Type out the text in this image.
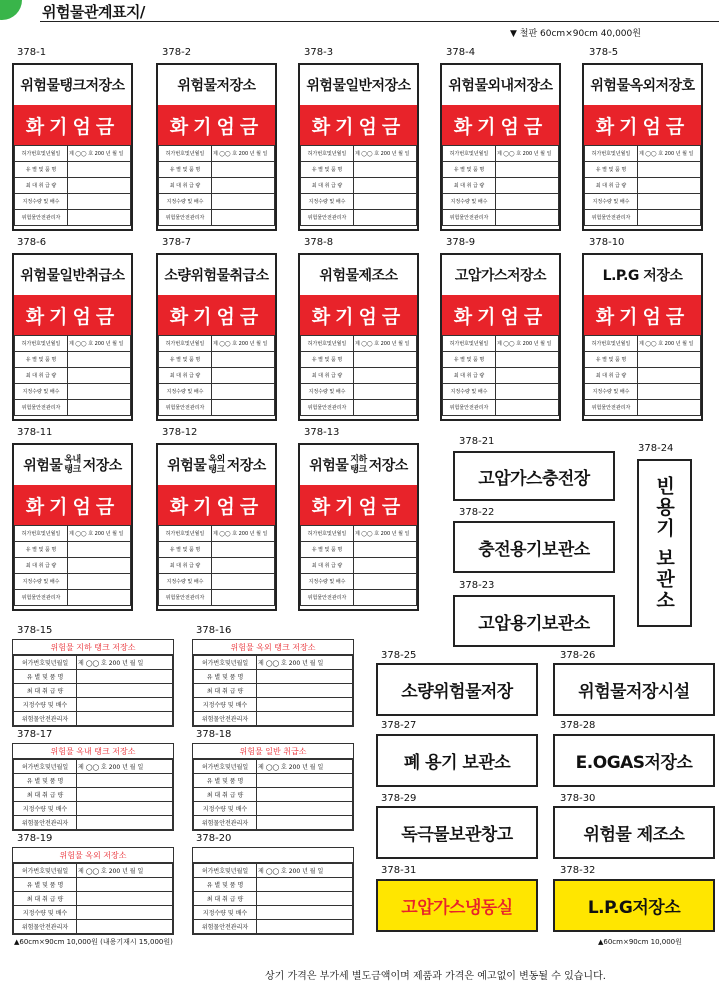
위험물관계표지/
▼ 철판 60cm×90cm 40,000원
378-1	378-2	378-3	378-4	378-5
위험물탱크저장소
화기엄금
허가번호및년월일	제 ◯◯ 호 200 년 월 일
유 별 및 품 명	
최 대 취 급 량	
지정수량 및 배수	
위험물안전관리자	
위험물저장소
화기엄금
허가번호및년월일	제 ◯◯ 호 200 년 월 일
유 별 및 품 명	
최 대 취 급 량	
지정수량 및 배수	
위험물안전관리자	
위험물일반저장소
화기엄금
허가번호및년월일	제 ◯◯ 호 200 년 월 일
유 별 및 품 명	
최 대 취 급 량	
지정수량 및 배수	
위험물안전관리자	
위험물외내저장소
화기엄금
허가번호및년월일	제 ◯◯ 호 200 년 월 일
유 별 및 품 명	
최 대 취 급 량	
지정수량 및 배수	
위험물안전관리자	
위험물옥외저장호
화기엄금
허가번호및년월일	제 ◯◯ 호 200 년 월 일
유 별 및 품 명	
최 대 취 급 량	
지정수량 및 배수	
위험물안전관리자	
378-6	378-7	378-8	378-9	378-10
위험물일반취급소
화기엄금
허가번호및년월일	제 ◯◯ 호 200 년 월 일
유 별 및 품 명	
최 대 취 급 량	
지정수량 및 배수	
위험물안전관리자	
소량위험물취급소
화기엄금
허가번호및년월일	제 ◯◯ 호 200 년 월 일
유 별 및 품 명	
최 대 취 급 량	
지정수량 및 배수	
위험물안전관리자	
위험물제조소
화기엄금
허가번호및년월일	제 ◯◯ 호 200 년 월 일
유 별 및 품 명	
최 대 취 급 량	
지정수량 및 배수	
위험물안전관리자	
고압가스저장소
화기엄금
허가번호및년월일	제 ◯◯ 호 200 년 월 일
유 별 및 품 명	
최 대 취 급 량	
지정수량 및 배수	
위험물안전관리자	
L.P.G 저장소
화기엄금
허가번호및년월일	제 ◯◯ 호 200 년 월 일
유 별 및 품 명	
최 대 취 급 량	
지정수량 및 배수	
위험물안전관리자	
378-11	378-12	378-13
위험물 옥내
탱크 저장소
화기엄금
허가번호및년월일	제 ◯◯ 호 200 년 월 일
유 별 및 품 명	
최 대 취 급 량	
지정수량 및 배수	
위험물안전관리자	
위험물 옥외
탱크 저장소
화기엄금
허가번호및년월일	제 ◯◯ 호 200 년 월 일
유 별 및 품 명	
최 대 취 급 량	
지정수량 및 배수	
위험물안전관리자	
위험물 지하
탱크 저장소
화기엄금
허가번호및년월일	제 ◯◯ 호 200 년 월 일
유 별 및 품 명	
최 대 취 급 량	
지정수량 및 배수	
위험물안전관리자	
378-21
고압가스충전장
378-22
충전용기보관소
378-23
고압용기보관소
378-24
빈용기 보관소
378-15	378-16
위험물 지하 탱크 저장소
허가번호및년월일	제 ◯◯ 호 200 년 월 일
유 별 및 품 명	
최 대 취 급 량	
지정수량 및 배수	
위험물안전관리자	
위험물 옥외 탱크 저장소
허가번호및년월일	제 ◯◯ 호 200 년 월 일
유 별 및 품 명	
최 대 취 급 량	
지정수량 및 배수	
위험물안전관리자	
378-17	378-18
위험물 옥내 탱크 저장소
허가번호및년월일	제 ◯◯ 호 200 년 월 일
유 별 및 품 명	
최 대 취 급 량	
지정수량 및 배수	
위험물안전관리자	
위험물 일반 취급소
허가번호및년월일	제 ◯◯ 호 200 년 월 일
유 별 및 품 명	
최 대 취 급 량	
지정수량 및 배수	
위험물안전관리자	
378-19	378-20
위험물 옥외 저장소
허가번호및년월일	제 ◯◯ 호 200 년 월 일
유 별 및 품 명	
최 대 취 급 량	
지정수량 및 배수	
위험물안전관리자	
허가번호및년월일	제 ◯◯ 호 200 년 월 일
유 별 및 품 명	
최 대 취 급 량	
지정수량 및 배수	
위험물안전관리자	
378-25	378-26
소량위험물저장	위험물저장시설
378-27	378-28
폐 용기 보관소	E.OGAS저장소
378-29	378-30
독극물보관창고	위험물 제조소
378-31	378-32
고압가스냉동실	L.P.G저장소
▲60cm×90cm 10,000원 (내용기재시 15,000원)	▲60cm×90cm 10,000원
상기 가격은 부가세 별도금액이며 제품과 가격은 예고없이 변동될 수 있습니다.
